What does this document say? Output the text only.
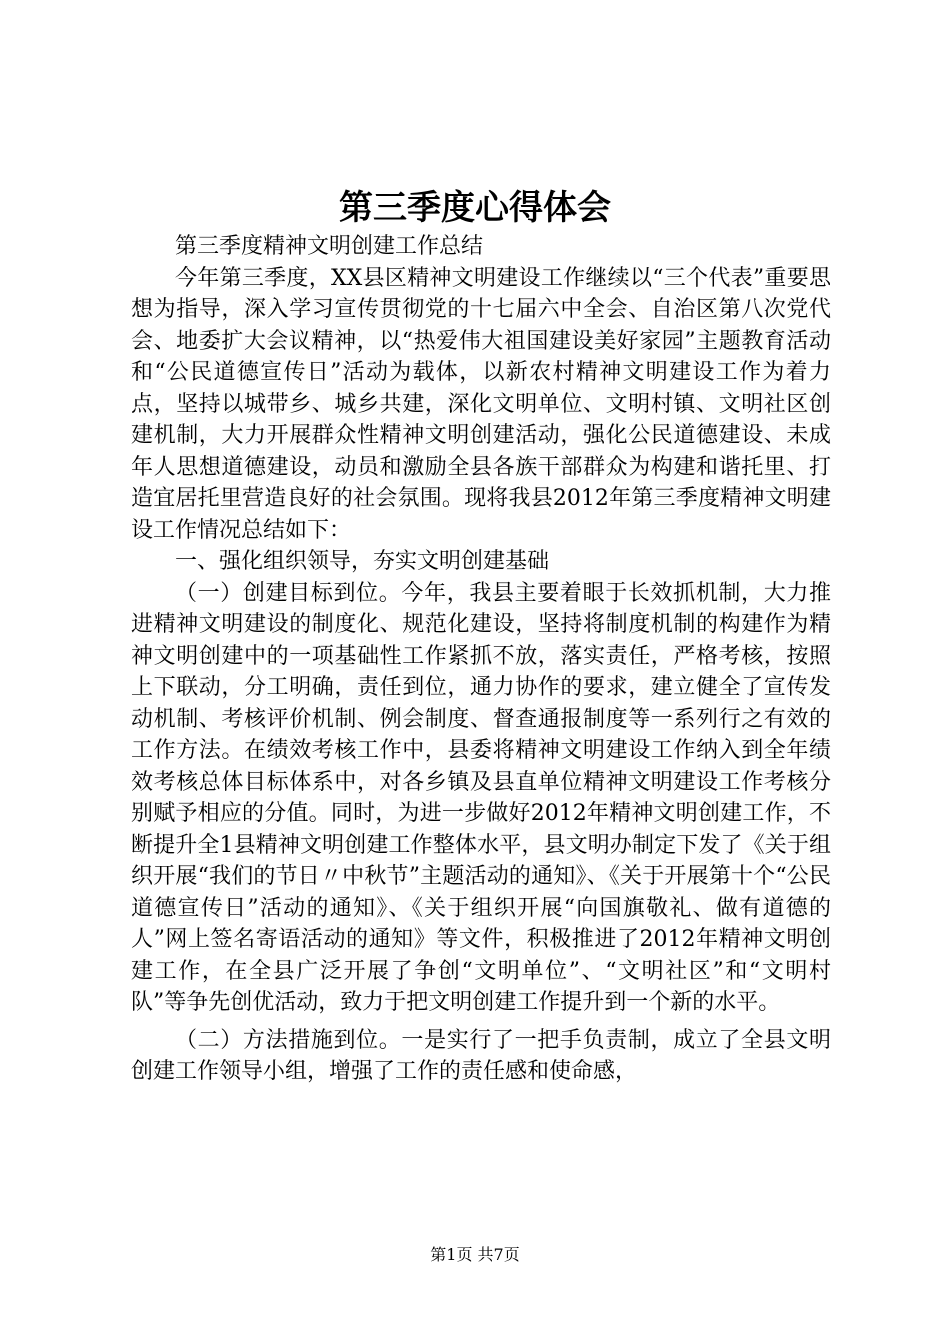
第三季度心得体会

第三季度精神文明创建工作总结

今年第三季度，XX县区精神文明建设工作继续以“三个代表”重要思想为指导，深入学习宣传贯彻党的十七届六中全会、自治区第八次党代会、地委扩大会议精神，以“热爱伟大祖国建设美好家园”主题教育活动和“公民道德宣传日”活动为载体，以新农村精神文明建设工作为着力点，坚持以城带乡、城乡共建，深化文明单位、文明村镇、文明社区创建机制，大力开展群众性精神文明创建活动，强化公民道德建设、未成年人思想道德建设，动员和激励全县各族干部群众为构建和谐托里、打造宜居托里营造良好的社会氛围。现将我县2012年第三季度精神文明建设工作情况总结如下：

一、强化组织领导，夯实文明创建基础

（一）创建目标到位。今年，我县主要着眼于长效抓机制，大力推进精神文明建设的制度化、规范化建设，坚持将制度机制的构建作为精神文明创建中的一项基础性工作紧抓不放，落实责任，严格考核，按照上下联动，分工明确，责任到位，通力协作的要求，建立健全了宣传发动机制、考核评价机制、例会制度、督查通报制度等一系列行之有效的工作方法。在绩效考核工作中，县委将精神文明建设工作纳入到全年绩效考核总体目标体系中，对各乡镇及县直单位精神文明建设工作考核分别赋予相应的分值。同时，为进一步做好2012年精神文明创建工作，不断提升全1县精神文明创建工作整体水平，县文明办制定下发了《关于组织开展“我们的节日〃中秋节”主题活动的通知》、《关于开展第十个“公民道德宣传日”活动的通知》、《关于组织开展“向国旗敬礼、做有道德的人”网上签名寄语活动的通知》等文件，积极推进了2012年精神文明创建工作，在全县广泛开展了争创“文明单位”、“文明社区”和“文明村队”等争先创优活动，致力于把文明创建工作提升到一个新的水平。

（二）方法措施到位。一是实行了一把手负责制，成立了全县文明创建工作领导小组，增强了工作的责任感和使命感，

第1页 共7页
